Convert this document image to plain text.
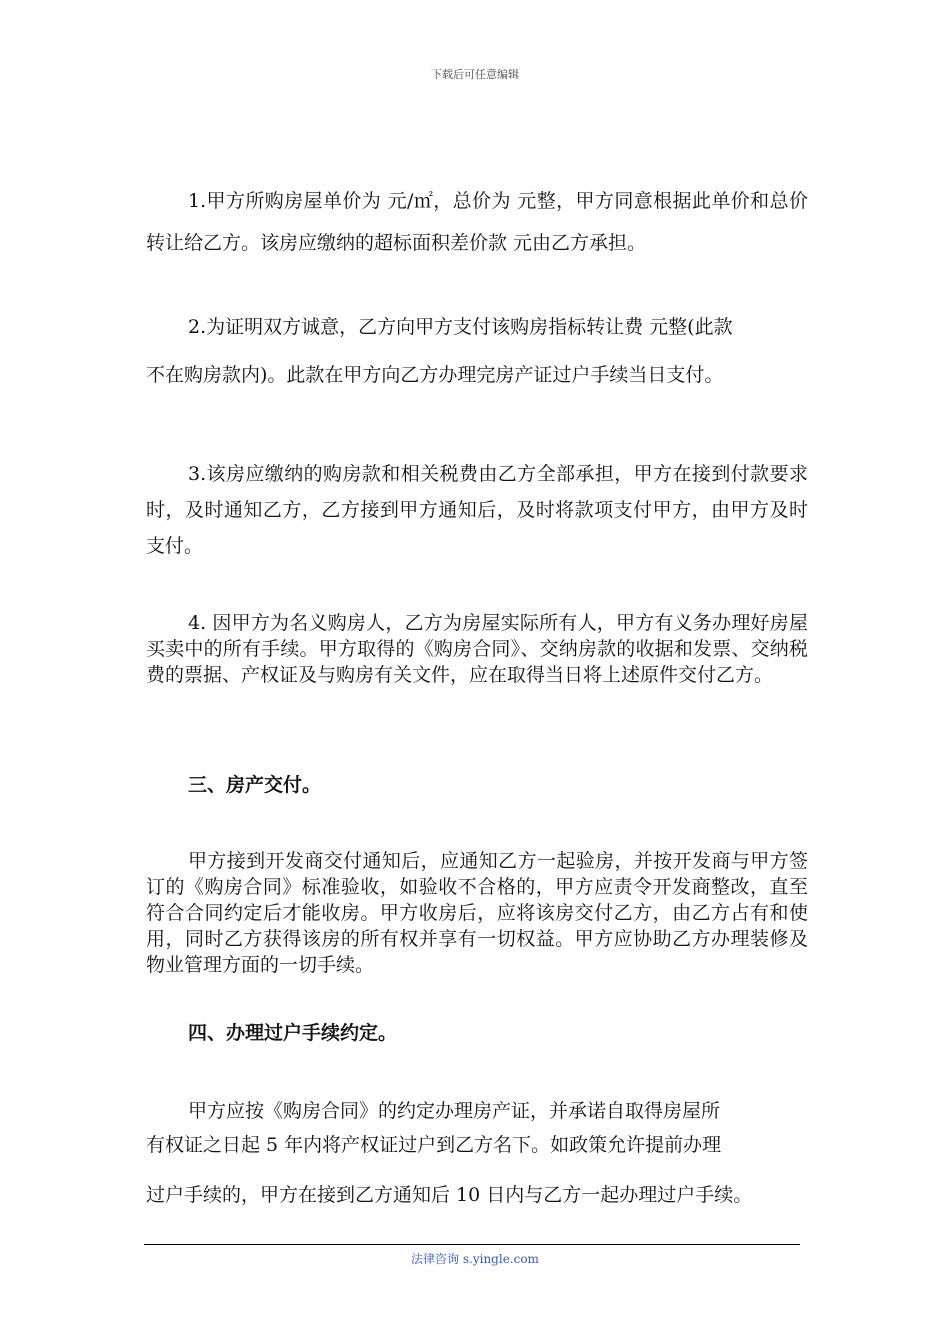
下载后可任意编辑

1.甲方所购房屋单价为 元/㎡，总价为 元整，甲方同意根据此单价和总价转让给乙方。该房应缴纳的超标面积差价款 元由乙方承担。

2.为证明双方诚意，乙方向甲方支付该购房指标转让费 元整(此款

不在购房款内)。此款在甲方向乙方办理完房产证过户手续当日支付。

3.该房应缴纳的购房款和相关税费由乙方全部承担，甲方在接到付款要求时，及时通知乙方，乙方接到甲方通知后，及时将款项支付甲方，由甲方及时支付。

4. 因甲方为名义购房人，乙方为房屋实际所有人，甲方有义务办理好房屋买卖中的所有手续。甲方取得的《购房合同》、交纳房款的收据和发票、交纳税费的票据、产权证及与购房有关文件，应在取得当日将上述原件交付乙方。

三、房产交付。

甲方接到开发商交付通知后，应通知乙方一起验房，并按开发商与甲方签订的《购房合同》标准验收，如验收不合格的，甲方应责令开发商整改，直至符合合同约定后才能收房。甲方收房后，应将该房交付乙方，由乙方占有和使用，同时乙方获得该房的所有权并享有一切权益。甲方应协助乙方办理装修及物业管理方面的一切手续。

四、办理过户手续约定。

甲方应按《购房合同》的约定办理房产证，并承诺自取得房屋所

有权证之日起 5 年内将产权证过户到乙方名下。如政策允许提前办理

过户手续的，甲方在接到乙方通知后 10 日内与乙方一起办理过户手续。

法律咨询 s.yingle.com
